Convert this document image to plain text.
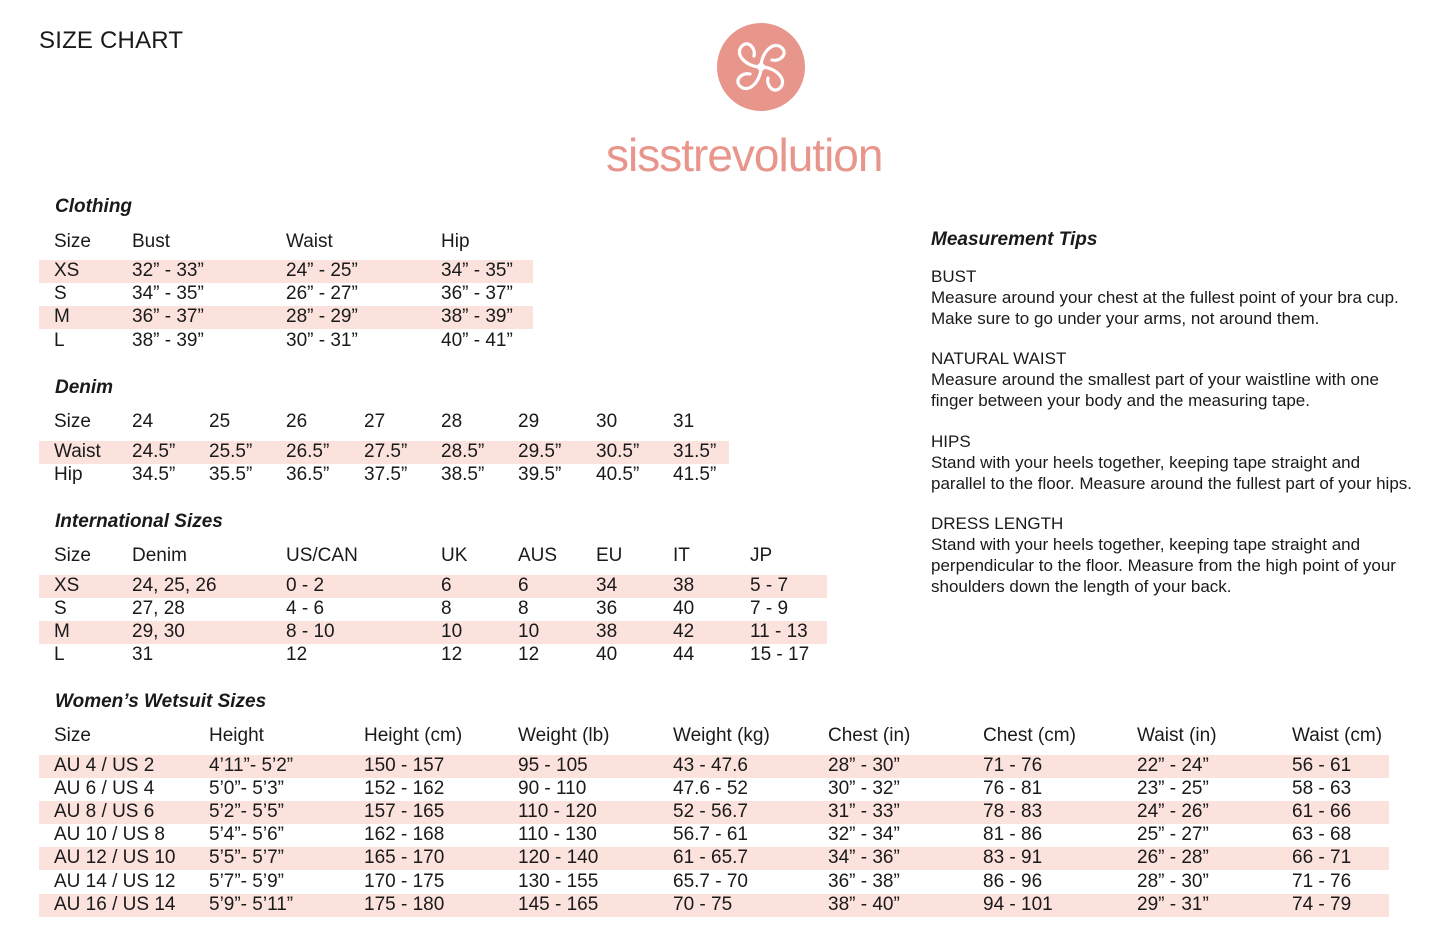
SIZE CHART
sisstrevolution
Clothing
Size Bust	Waist	Hip
XS	32” - 33”	24” - 25”	34” - 35”
S	34” - 35”	26” - 27”	36” - 37”
M	36” - 37”	28” - 29”	38” - 39”
L	38” - 39”	30” - 31”	40” - 41”
Denim
Size 24	25	26	27	28	29	30	31
Waist 24.5” 25.5” 26.5” 27.5” 28.5” 29.5” 30.5” 31.5”
Hip	34.5” 35.5” 36.5” 37.5” 38.5” 39.5” 40.5” 41.5”
International Sizes
Size Denim	US/CAN	UK	AUS EU	IT	JP
XS	24, 25, 26	0 - 2	6	6	34	38	5 - 7
S	27, 28	4 - 6	8	8	36	40	7 - 9
M	29, 30	8 - 10	10	10	38	42	11 - 13
L	31	12	12	12	40	44	15 - 17
Women’s Wetsuit Sizes
Size	Height	Height (cm)	Weight (lb)	Weight (kg)	Chest (in)	Chest (cm)	Waist (in)	Waist (cm)
AU 4 / US 2	4’11”- 5’2”	150 - 157	95 - 105	43 - 47.6	28” - 30”	71 - 76	22” - 24”	56 - 61
AU 6 / US 4	5’0”- 5’3”	152 - 162	90 - 110	47.6 - 52	30” - 32”	76 - 81	23” - 25”	58 - 63
AU 8 / US 6	5’2”- 5’5”	157 - 165	110 - 120	52 - 56.7	31” - 33”	78 - 83	24” - 26”	61 - 66
AU 10 / US 8 5’4”- 5’6”	162 - 168	110 - 130	56.7 - 61	32” - 34”	81 - 86	25” - 27”	63 - 68
AU 12 / US 10 5’5”- 5’7”	165 - 170	120 - 140	61 - 65.7	34” - 36”	83 - 91	26” - 28”	66 - 71
AU 14 / US 12 5’7”- 5’9”	170 - 175	130 - 155	65.7 - 70	36” - 38”	86 - 96	28” - 30”	71 - 76
AU 16 / US 14 5’9”- 5’11”	175 - 180	145 - 165	70 - 75	38” - 40”	94 - 101	29” - 31”	74 - 79
Measurement Tips
BUST
Measure around your chest at the fullest point of your bra cup.
Make sure to go under your arms, not around them.
NATURAL WAIST
Measure around the smallest part of your waistline with one
finger between your body and the measuring tape.
HIPS
Stand with your heels together, keeping tape straight and
parallel to the floor. Measure around the fullest part of your hips.
DRESS LENGTH
Stand with your heels together, keeping tape straight and
perpendicular to the floor. Measure from the high point of your
shoulders down the length of your back.
